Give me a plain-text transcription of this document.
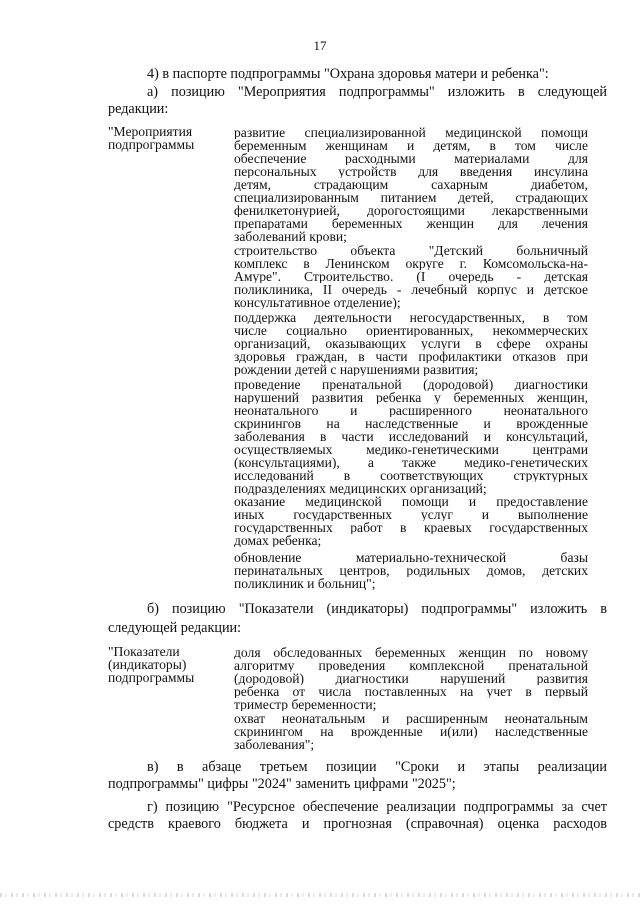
17

4) в паспорте подпрограммы "Охрана здоровья матери и ребенка":

а) позицию "Мероприятия подпрограммы" изложить в следующей

редакции:

"Мероприятия
подпрограммы
развитие специализированной медицинской помощи
беременным женщинам и детям, в том числе
обеспечение расходными материалами для
персональных устройств для введения инсулина
детям, страдающим сахарным диабетом,
специализированным питанием детей, страдающих
фенилкетонурией, дорогостоящими лекарственными
препаратами беременных женщин для лечения
заболеваний крови;
строительство объекта "Детский больничный
комплекс в Ленинском округе г. Комсомольска-на-
Амуре". Строительство. (I очередь - детская
поликлиника, II очередь - лечебный корпус и детское
консультативное отделение);
поддержка деятельности негосударственных, в том
числе социально ориентированных, некоммерческих
организаций, оказывающих услуги в сфере охраны
здоровья граждан, в части профилактики отказов при
рождении детей с нарушениями развития;
проведение пренатальной (дородовой) диагностики
нарушений развития ребенка у беременных женщин,
неонатального и расширенного неонатального
скринингов на наследственные и врожденные
заболевания в части исследований и консультаций,
осуществляемых медико-генетическими центрами
(консультациями), а также медико-генетических
исследований в соответствующих структурных
подразделениях медицинских организаций;
оказание медицинской помощи и предоставление
иных государственных услуг и выполнение
государственных работ в краевых государственных
домах ребенка;
обновление материально-технической базы
перинатальных центров, родильных домов, детских
поликлиник и больниц";

б) позицию "Показатели (индикаторы) подпрограммы" изложить в

следующей редакции:

"Показатели
(индикаторы)
подпрограммы
доля обследованных беременных женщин по новому
алгоритму проведения комплексной пренатальной
(дородовой) диагностики нарушений развития
ребенка от числа поставленных на учет в первый
триместр беременности;
охват неонатальным и расширенным неонатальным
скринингом на врожденные и(или) наследственные
заболевания";

в) в абзаце третьем позиции "Сроки и этапы реализации

подпрограммы" цифры "2024" заменить цифрами "2025";

г) позицию "Ресурсное обеспечение реализации подпрограммы за счет

средств краевого бюджета и прогнозная (справочная) оценка расходов
